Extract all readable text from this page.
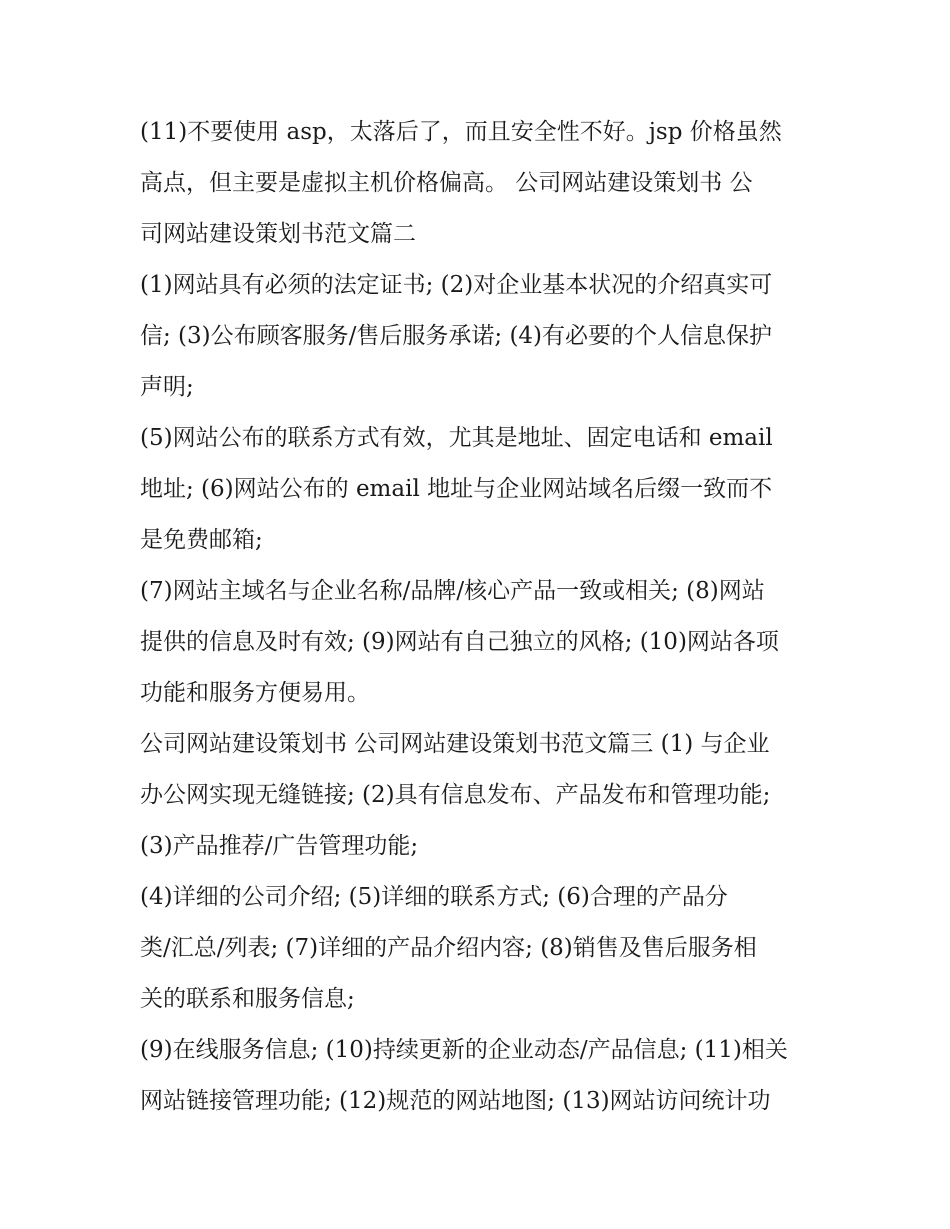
(11)不要使用 asp，太落后了，而且安全性不好。jsp 价格虽然
高点，但主要是虚拟主机价格偏高。 公司网站建设策划书 公
司网站建设策划书范文篇二
(1)网站具有必须的法定证书; (2)对企业基本状况的介绍真实可
信; (3)公布顾客服务/售后服务承诺; (4)有必要的个人信息保护
声明;
(5)网站公布的联系方式有效，尤其是地址、固定电话和 email
地址; (6)网站公布的 email 地址与企业网站域名后缀一致而不
是免费邮箱;
(7)网站主域名与企业名称/品牌/核心产品一致或相关; (8)网站
提供的信息及时有效; (9)网站有自己独立的风格; (10)网站各项
功能和服务方便易用。
公司网站建设策划书 公司网站建设策划书范文篇三 (1) 与企业
办公网实现无缝链接; (2)具有信息发布、产品发布和管理功能;
(3)产品推荐/广告管理功能;
(4)详细的公司介绍; (5)详细的联系方式; (6)合理的产品分
类/汇总/列表; (7)详细的产品介绍内容; (8)销售及售后服务相
关的联系和服务信息;
(9)在线服务信息; (10)持续更新的企业动态/产品信息; (11)相关
网站链接管理功能; (12)规范的网站地图; (13)网站访问统计功
